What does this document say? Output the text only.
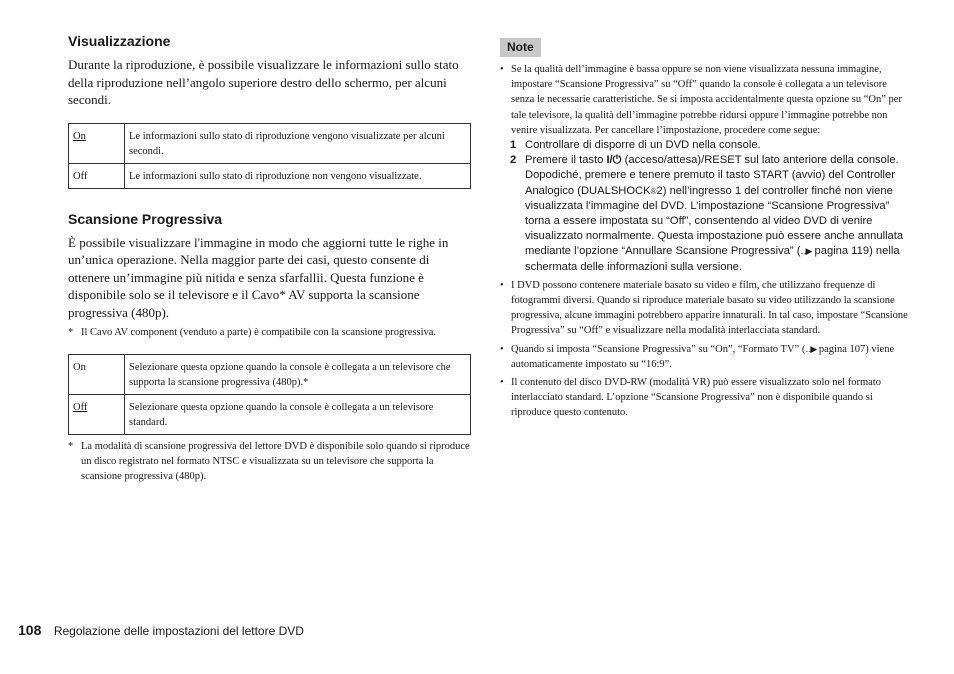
Visualizzazione

Durante la riproduzione, è possibile visualizzare le informazioni sullo stato della riproduzione nell’angolo superiore destro dello schermo, per alcuni secondi.

On	Le informazioni sullo stato di riproduzione vengono visualizzate per alcuni secondi.
Off	Le informazioni sullo stato di riproduzione non vengono visualizzate.
Scansione Progressiva

È possibile visualizzare l'immagine in modo che aggiorni tutte le righe in un’unica operazione. Nella maggior parte dei casi, questo consente di ottenere un’immagine più nitida e senza sfarfallii. Questa funzione è disponibile solo se il televisore e il Cavo* AV supporta la scansione progressiva (480p).

* Il Cavo AV component (venduto a parte) è compatibile con la scansione progressiva.

On	Selezionare questa opzione quando la console è collegata a un televisore che supporta la scansione progressiva (480p).*
Off	Selezionare questa opzione quando la console è collegata a un televisore standard.

* La modalità di scansione progressiva del lettore DVD è disponibile solo quando si riproduce un disco registrato nel formato NTSC e visualizzata su un televisore che supporta la scansione progressiva (480p).

Note

• Se la qualità dell’immagine è bassa oppure se non viene visualizzata nessuna immagine, impostare “Scansione Progressiva” su “Off” quando la console è collegata a un televisore senza le necessarie caratteristiche. Se si imposta accidentalmente questa opzione su “On” per tale televisore, la qualità dell’immagine potrebbe ridursi oppure l’immagine potrebbe non venire visualizzata. Per cancellare l’impostazione, procedere come segue:

1 Controllare di disporre di un DVD nella console.

2 Premere il tasto I/⏻ (acceso/attesa)/RESET sul lato anteriore della console.

Dopodiché, premere e tenere premuto il tasto START (avvio) del Controller Analogico (DUALSHOCK®2) nell’ingresso 1 del controller finché non viene visualizzata l’immagine del DVD. L’impostazione “Scansione Progressiva” torna a essere impostata su “Off”, consentendo al video DVD di venire visualizzato normalmente. Questa impostazione può essere anche annullata mediante l’opzione “Annullare Scansione Progressiva” (‥▶ pagina 119) nella schermata delle informazioni sulla versione.

• I DVD possono contenere materiale basato su video e film, che utilizzano frequenze di fotogrammi diversi. Quando si riproduce materiale basato su video utilizzando la scansione progressiva, alcune immagini potrebbero apparire innaturali. In tal caso, impostare “Scansione Progressiva” su “Off” e visualizzare nella modalità interlacciata standard.

• Quando si imposta “Scansione Progressiva” su “On”, “Formato TV” (‥▶ pagina 107) viene automaticamente impostato su “16:9”.

• Il contenuto del disco DVD-RW (modalità VR) può essere visualizzato solo nel formato interlacciato standard. L’opzione “Scansione Progressiva” non è disponibile quando si riproduce questo contenuto.

108 Regolazione delle impostazioni del lettore DVD
